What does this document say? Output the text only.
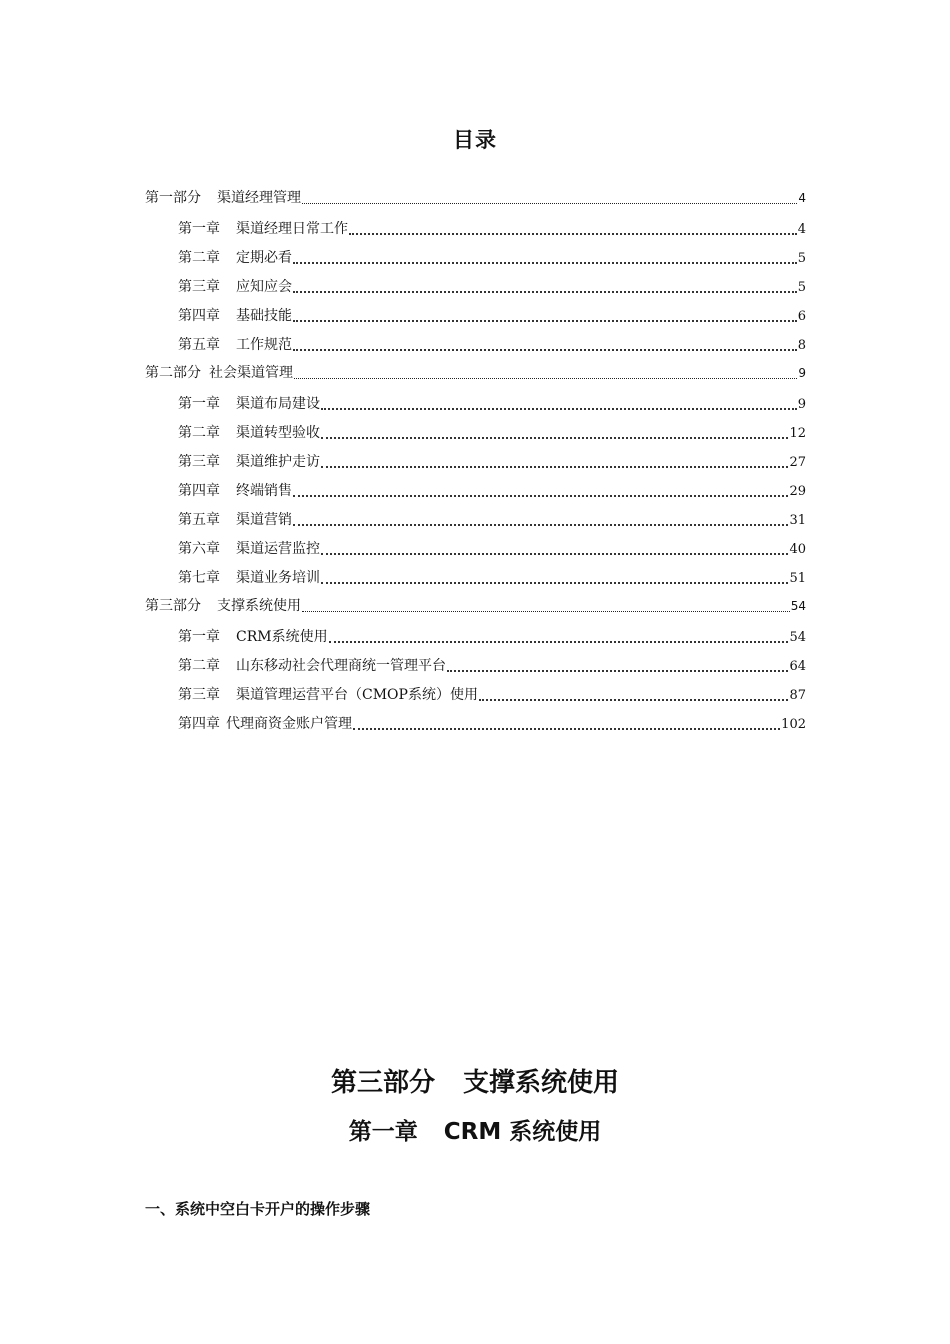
目录
第一部分 渠道经理管理	4
第一章 渠道经理日常工作	4
第二章 定期必看	5
第三章 应知应会	5
第四章 基础技能	6
第五章 工作规范	8
第二部分 社会渠道管理	9
第一章 渠道布局建设	9
第二章 渠道转型验收	12
第三章 渠道维护走访	27
第四章 终端销售	29
第五章 渠道营销	31
第六章 渠道运营监控	40
第七章 渠道业务培训	51
第三部分 支撑系统使用	54
第一章 CRM系统使用	54
第二章 山东移动社会代理商统一管理平台	64
第三章 渠道管理运营平台（CMOP系统）使用	87
第四章 代理商资金账户管理	102
第三部分 支撑系统使用
第一章 CRM 系统使用
一、系统中空白卡开户的操作步骤
